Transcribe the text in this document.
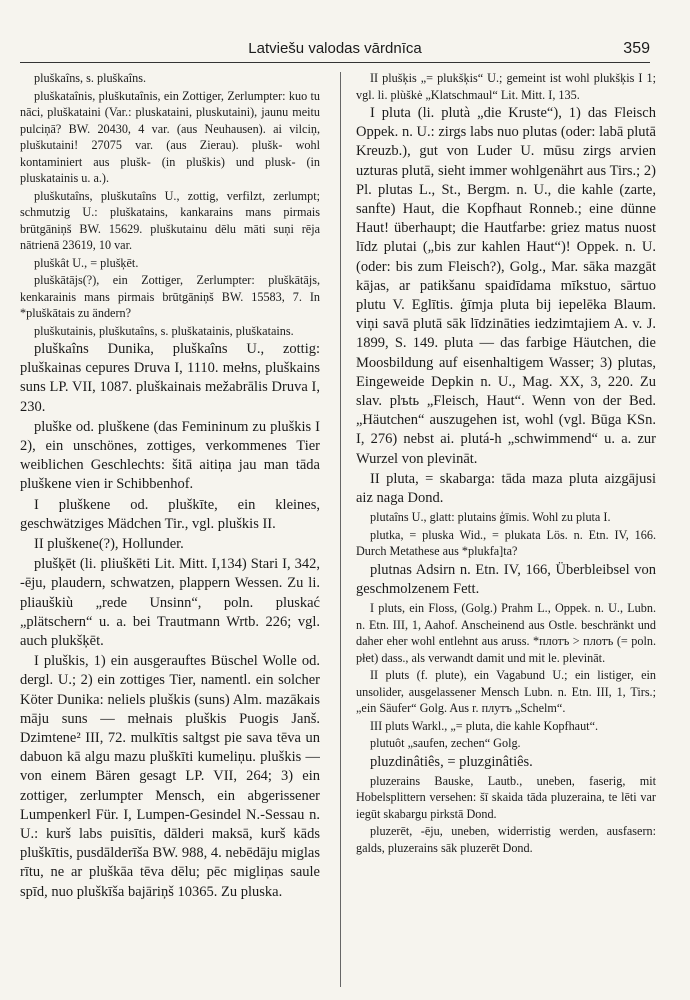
Latviešu valodas vārdnīca	359

pluškaîns, s. pluškaîns.

pluškataînis, pluškutaînis, ein Zottiger, Zerlumpter: kuo tu nāci, pluškataini (Var.: pluskataini, pluskutaini), jaunu meitu pulciņā? BW. 20430, 4 var. (aus Neuhausen). ai vilciņ, pluškutaini! 27075 var. (aus Zierau). plušk- wohl kontaminiert aus plušk- (in pluškis) und plusk- (in pluskatainis u. a.).

pluškutaîns, pluškutaîns U., zottig, verfilzt, zerlumpt; schmutzig U.: pluškatains, kankarains mans pirmais brūtgāniņš BW. 15629. pluškutainu dēlu māti suņi rēja nātrienā 23619, 10 var.

pluškât U., = plušķēt.

pluškātājs(?), ein Zottiger, Zerlumpter: pluškātājs, kenkarainis mans pirmais brūtgāniņš BW. 15583, 7. In *pluškātais zu ändern?

pluškutainis, pluškutaîns, s. pluškatainis, pluškatains.

pluškaîns Dunika, pluškaîns U., zottig: pluškainas cepures Druva I, 1110. mełns, pluškains suns LP. VII, 1087. pluškainais mežabrālis Druva I, 230.

pluške od. pluškene (das Femininum zu pluškis I 2), ein unschönes, zottiges, verkommenes Tier weiblichen Geschlechts: šitā aitiņa jau man tāda pluškene vien ir Schibbenhof.

I pluškene od. pluškīte, ein kleines, geschwätziges Mädchen Tir., vgl. pluškis II.

II pluškene(?), Hollunder.

plušķēt (li. pliuškēti Lit. Mitt. I,134) Stari I, 342, -ēju, plaudern, schwatzen, plappern Wessen. Zu li. pliauškiù „rede Unsinn“, poln. pluskać „plätschern“ u. a. bei Trautmann Wrtb. 226; vgl. auch plukšķēt.

I pluškis, 1) ein ausgerauftes Büschel Wolle od. dergl. U.; 2) ein zottiges Tier, namentl. ein solcher Köter Dunika: neliels pluškis (suns) Alm. mazākais māju suns — mełnais pluškis Puogis Janš. Dzimtene² III, 72. mulkītis saltgst pie sava tēva un dabuon kā algu mazu pluškīti kumeliņu. pluškis — von einem Bären gesagt LP. VII, 264; 3) ein zottiger, zerlumpter Mensch, ein abgerissener Lumpenkerl Für. I, Lumpen-Gesindel N.-Sessau n. U.: kurš labs puisītis, dālderi maksā, kurš kāds pluškītis, pusdālderīša BW. 988, 4. nebēdāju miglas rītu, ne ar pluškāa tēva dēlu; pēc migliņas saule spīd, nuo pluškīša bajāriņš 10365. Zu pluska.

II plušķis „= plukšķis“ U.; gemeint ist wohl plukšķis I 1; vgl. li. plùškė „Klatschmaul“ Lit. Mitt. I, 135.

I pluta (li. plutà „die Kruste“), 1) das Fleisch Oppek. n. U.: zirgs labs nuo plutas (oder: labā plutā Kreuzb.), gut von Luder U. mūsu zirgs arvien uzturas plutā, sieht immer wohlgenährt aus Tirs.; 2) Pl. plutas L., St., Bergm. n. U., die kahle (zarte, sanfte) Haut, die Kopfhaut Ronneb.; eine dünne Haut! überhaupt; die Hautfarbe: griez matus nuost līdz plutai („bis zur kahlen Haut“)! Oppek. n. U. (oder: bis zum Fleisch?), Golg., Mar. sāka mazgāt kājas, ar patikšanu spaidīdama mīkstuo, sārtuo plutu V. Eglītis. ģīmja pluta bij iepelēka Blaum. viņi savā plutā sāk līdzināties iedzimtajiem A. v. J. 1899, S. 149. pluta — das farbige Häutchen, die Moosbildung auf eisenhaltigem Wasser; 3) plutas, Eingeweide Depkin n. U., Mag. XX, 3, 220. Zu slav. plъtь „Fleisch, Haut“. Wenn von der Bed. „Häutchen“ auszugehen ist, wohl (vgl. Būga KSn. I, 276) nebst ai. plutá-h „schwimmend“ u. a. zur Wurzel von plevināt.

II pluta, = skabarga: tāda maza pluta aizgājusi aiz naga Dond.

plutaîns U., glatt: plutains ģīmis. Wohl zu pluta I.

plutka, = pluska Wid., = plukata Lös. n. Etn. IV, 166. Durch Metathese aus *plukfa]ta?

plutnas Adsirn n. Etn. IV, 166, Überbleibsel von geschmolzenem Fett.

I pluts, ein Floss, (Golg.) Prahm L., Oppek. n. U., Lubn. n. Etn. III, 1, Aahof. Anscheinend aus Ostle. beschränkt und daher eher wohl entlehnt aus aruss. *плотъ > плотъ (= poln. płet) dass., als verwandt damit und mit le. plevināt.

II pluts (f. plute), ein Vagabund U.; ein listiger, ein unsolider, ausgelassener Mensch Lubn. n. Etn. III, 1, Tirs.; „ein Säufer“ Golg. Aus r. плутъ „Schelm“.

III pluts Warkl., „= pluta, die kahle Kopfhaut“.

plutuôt „saufen, zechen“ Golg.

pluzdinâtiês, = pluzginâtiês.

pluzerains Bauske, Lautb., uneben, faserig, mit Hobelsplittern versehen: šī skaida tāda pluzeraina, te lēti var iegūt skabargu pirkstā Dond.

pluzerēt, -ēju, uneben, widerristig werden, ausfasern: galds, pluzerains sāk pluzerēt Dond.
